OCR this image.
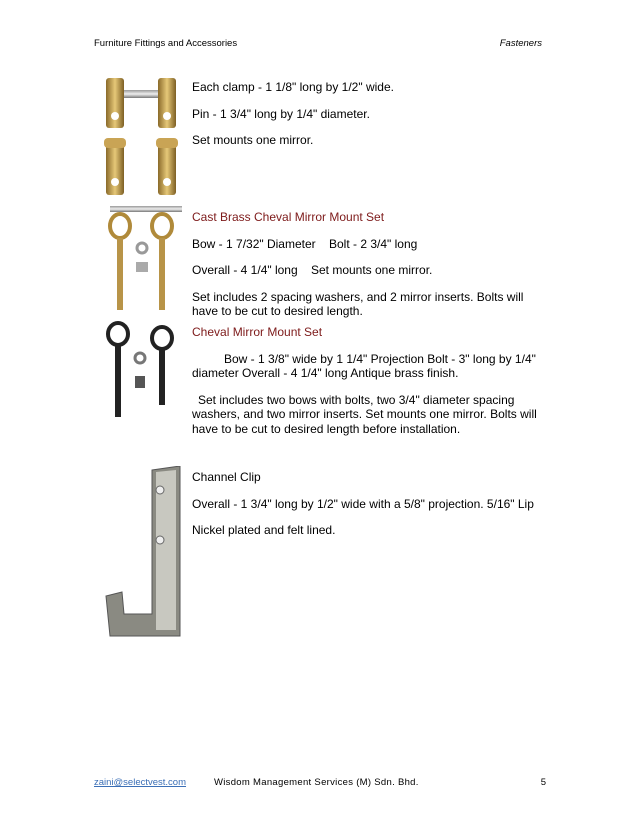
Furniture Fittings and Accessories	Fasteners

Each clamp - 1 1/8" long by 1/2" wide.

Pin - 1 3/4" long by 1/4" diameter.

Set mounts one mirror.

Cast Brass Cheval Mirror Mount Set

Bow - 1 7/32" Diameter    Bolt - 2 3/4" long

Overall - 4 1/4" long    Set mounts one mirror.

Set includes 2 spacing washers, and 2 mirror inserts. Bolts will have to be cut to desired length.

Cheval Mirror Mount Set

Bow - 1 3/8" wide by 1 1/4" Projection Bolt - 3" long by 1/4" diameter Overall - 4 1/4" long Antique brass finish.

Set includes two bows with bolts, two 3/4" diameter spacing washers, and two mirror inserts. Set mounts one mirror. Bolts will have to be cut to desired length before installation.

Channel Clip

Overall - 1 3/4" long by 1/2" wide with a 5/8" projection. 5/16" Lip

Nickel plated and felt lined.

zaini@selectvest.com	Wisdom Management Services (M) Sdn. Bhd.	5
